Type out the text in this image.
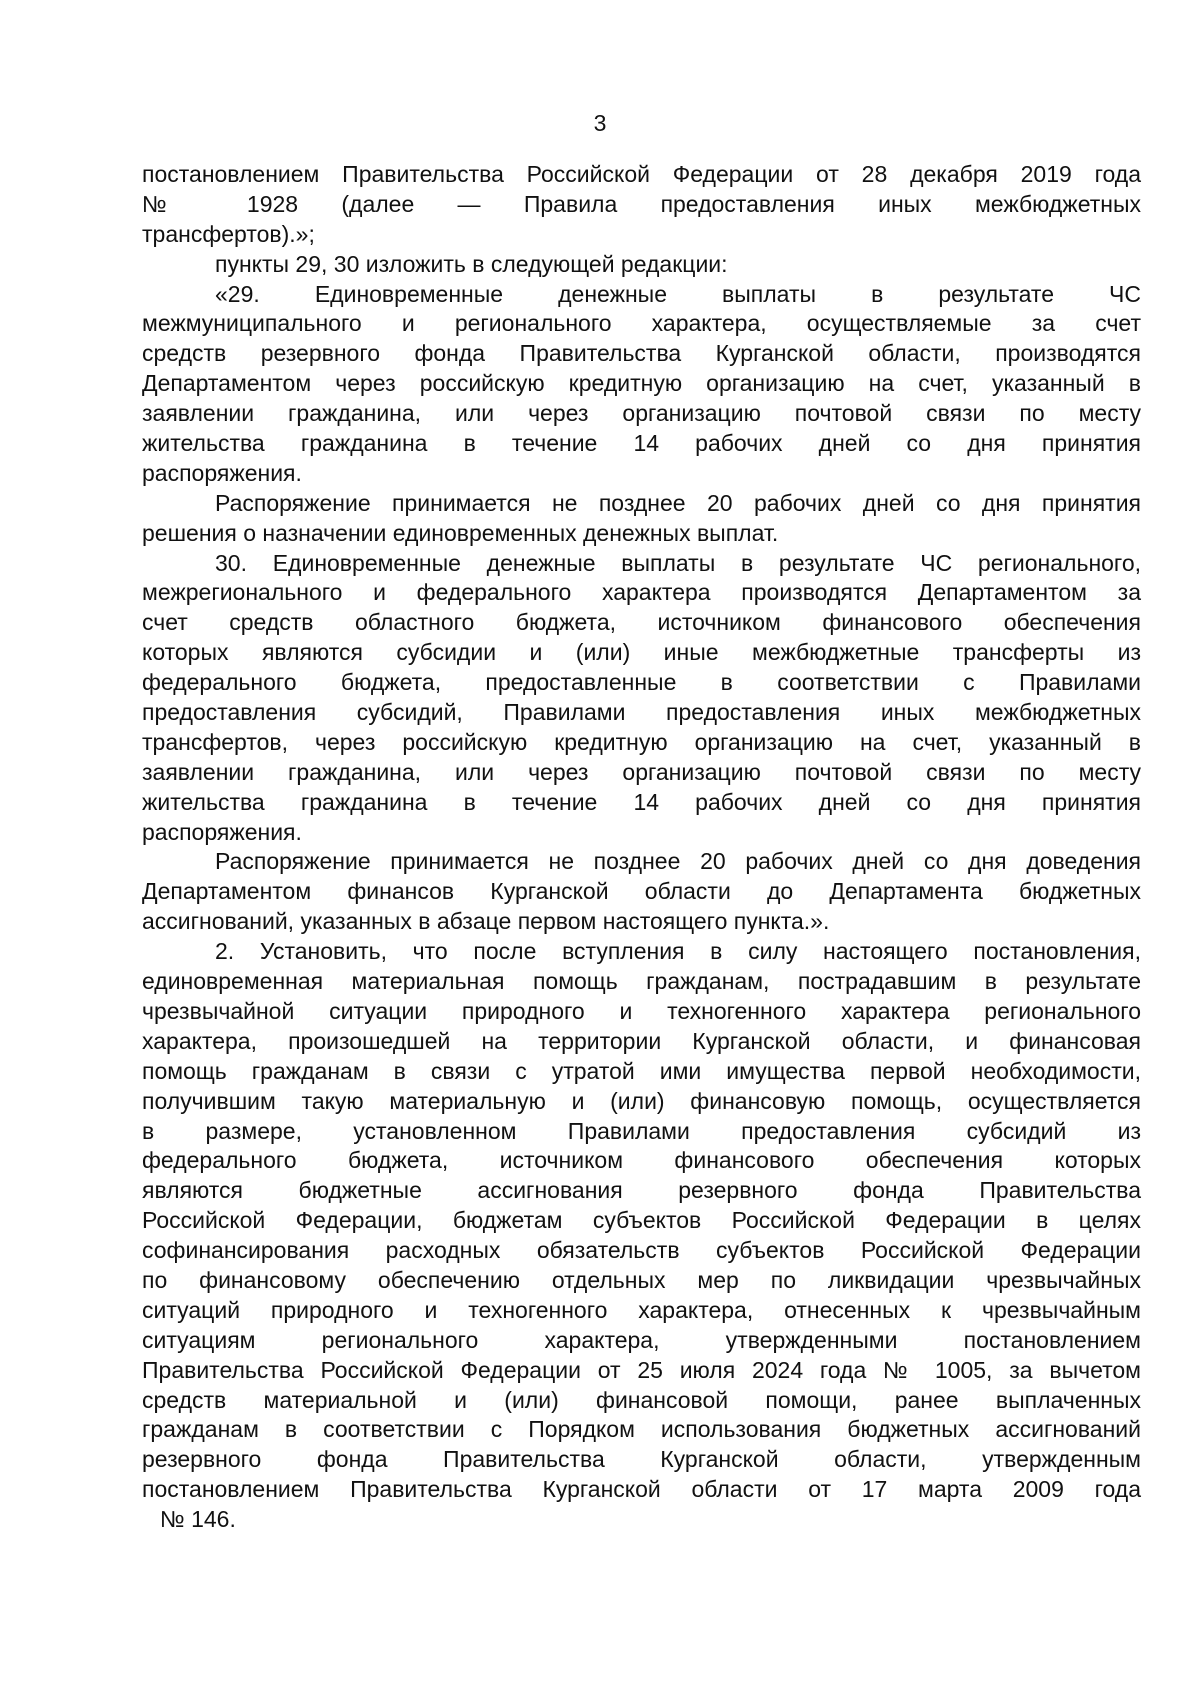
3
постановлением Правительства Российской Федерации от 28 декабря 2019 года
№ 1928 (далее — Правила предоставления иных межбюджетных
трансфертов).»;
пункты 29, 30 изложить в следующей редакции:
«29. Единовременные денежные выплаты в результате ЧС
межмуниципального и регионального характера, осуществляемые за счет
средств резервного фонда Правительства Курганской области, производятся
Департаментом через российскую кредитную организацию на счет, указанный в
заявлении гражданина, или через организацию почтовой связи по месту
жительства гражданина в течение 14 рабочих дней со дня принятия
распоряжения.
Распоряжение принимается не позднее 20 рабочих дней со дня принятия
решения о назначении единовременных денежных выплат.
30. Единовременные денежные выплаты в результате ЧС регионального,
межрегионального и федерального характера производятся Департаментом за
счет средств областного бюджета, источником финансового обеспечения
которых являются субсидии и (или) иные межбюджетные трансферты из
федерального бюджета, предоставленные в соответствии с Правилами
предоставления субсидий, Правилами предоставления иных межбюджетных
трансфертов, через российскую кредитную организацию на счет, указанный в
заявлении гражданина, или через организацию почтовой связи по месту
жительства гражданина в течение 14 рабочих дней со дня принятия
распоряжения.
Распоряжение принимается не позднее 20 рабочих дней со дня доведения
Департаментом финансов Курганской области до Департамента бюджетных
ассигнований, указанных в абзаце первом настоящего пункта.».
2. Установить, что после вступления в силу настоящего постановления,
единовременная материальная помощь гражданам, пострадавшим в результате
чрезвычайной ситуации природного и техногенного характера регионального
характера, произошедшей на территории Курганской области, и финансовая
помощь гражданам в связи с утратой ими имущества первой необходимости,
получившим такую материальную и (или) финансовую помощь, осуществляется
в размере, установленном Правилами предоставления субсидий из
федерального бюджета, источником финансового обеспечения которых
являются бюджетные ассигнования резервного фонда Правительства
Российской Федерации, бюджетам субъектов Российской Федерации в целях
софинансирования расходных обязательств субъектов Российской Федерации
по финансовому обеспечению отдельных мер по ликвидации чрезвычайных
ситуаций природного и техногенного характера, отнесенных к чрезвычайным
ситуациям регионального характера, утвержденными постановлением
Правительства Российской Федерации от 25 июля 2024 года № 1005, за вычетом
средств материальной и (или) финансовой помощи, ранее выплаченных
гражданам в соответствии с Порядком использования бюджетных ассигнований
резервного фонда Правительства Курганской области, утвержденным
постановлением Правительства Курганской области от 17 марта 2009 года
№ 146.
